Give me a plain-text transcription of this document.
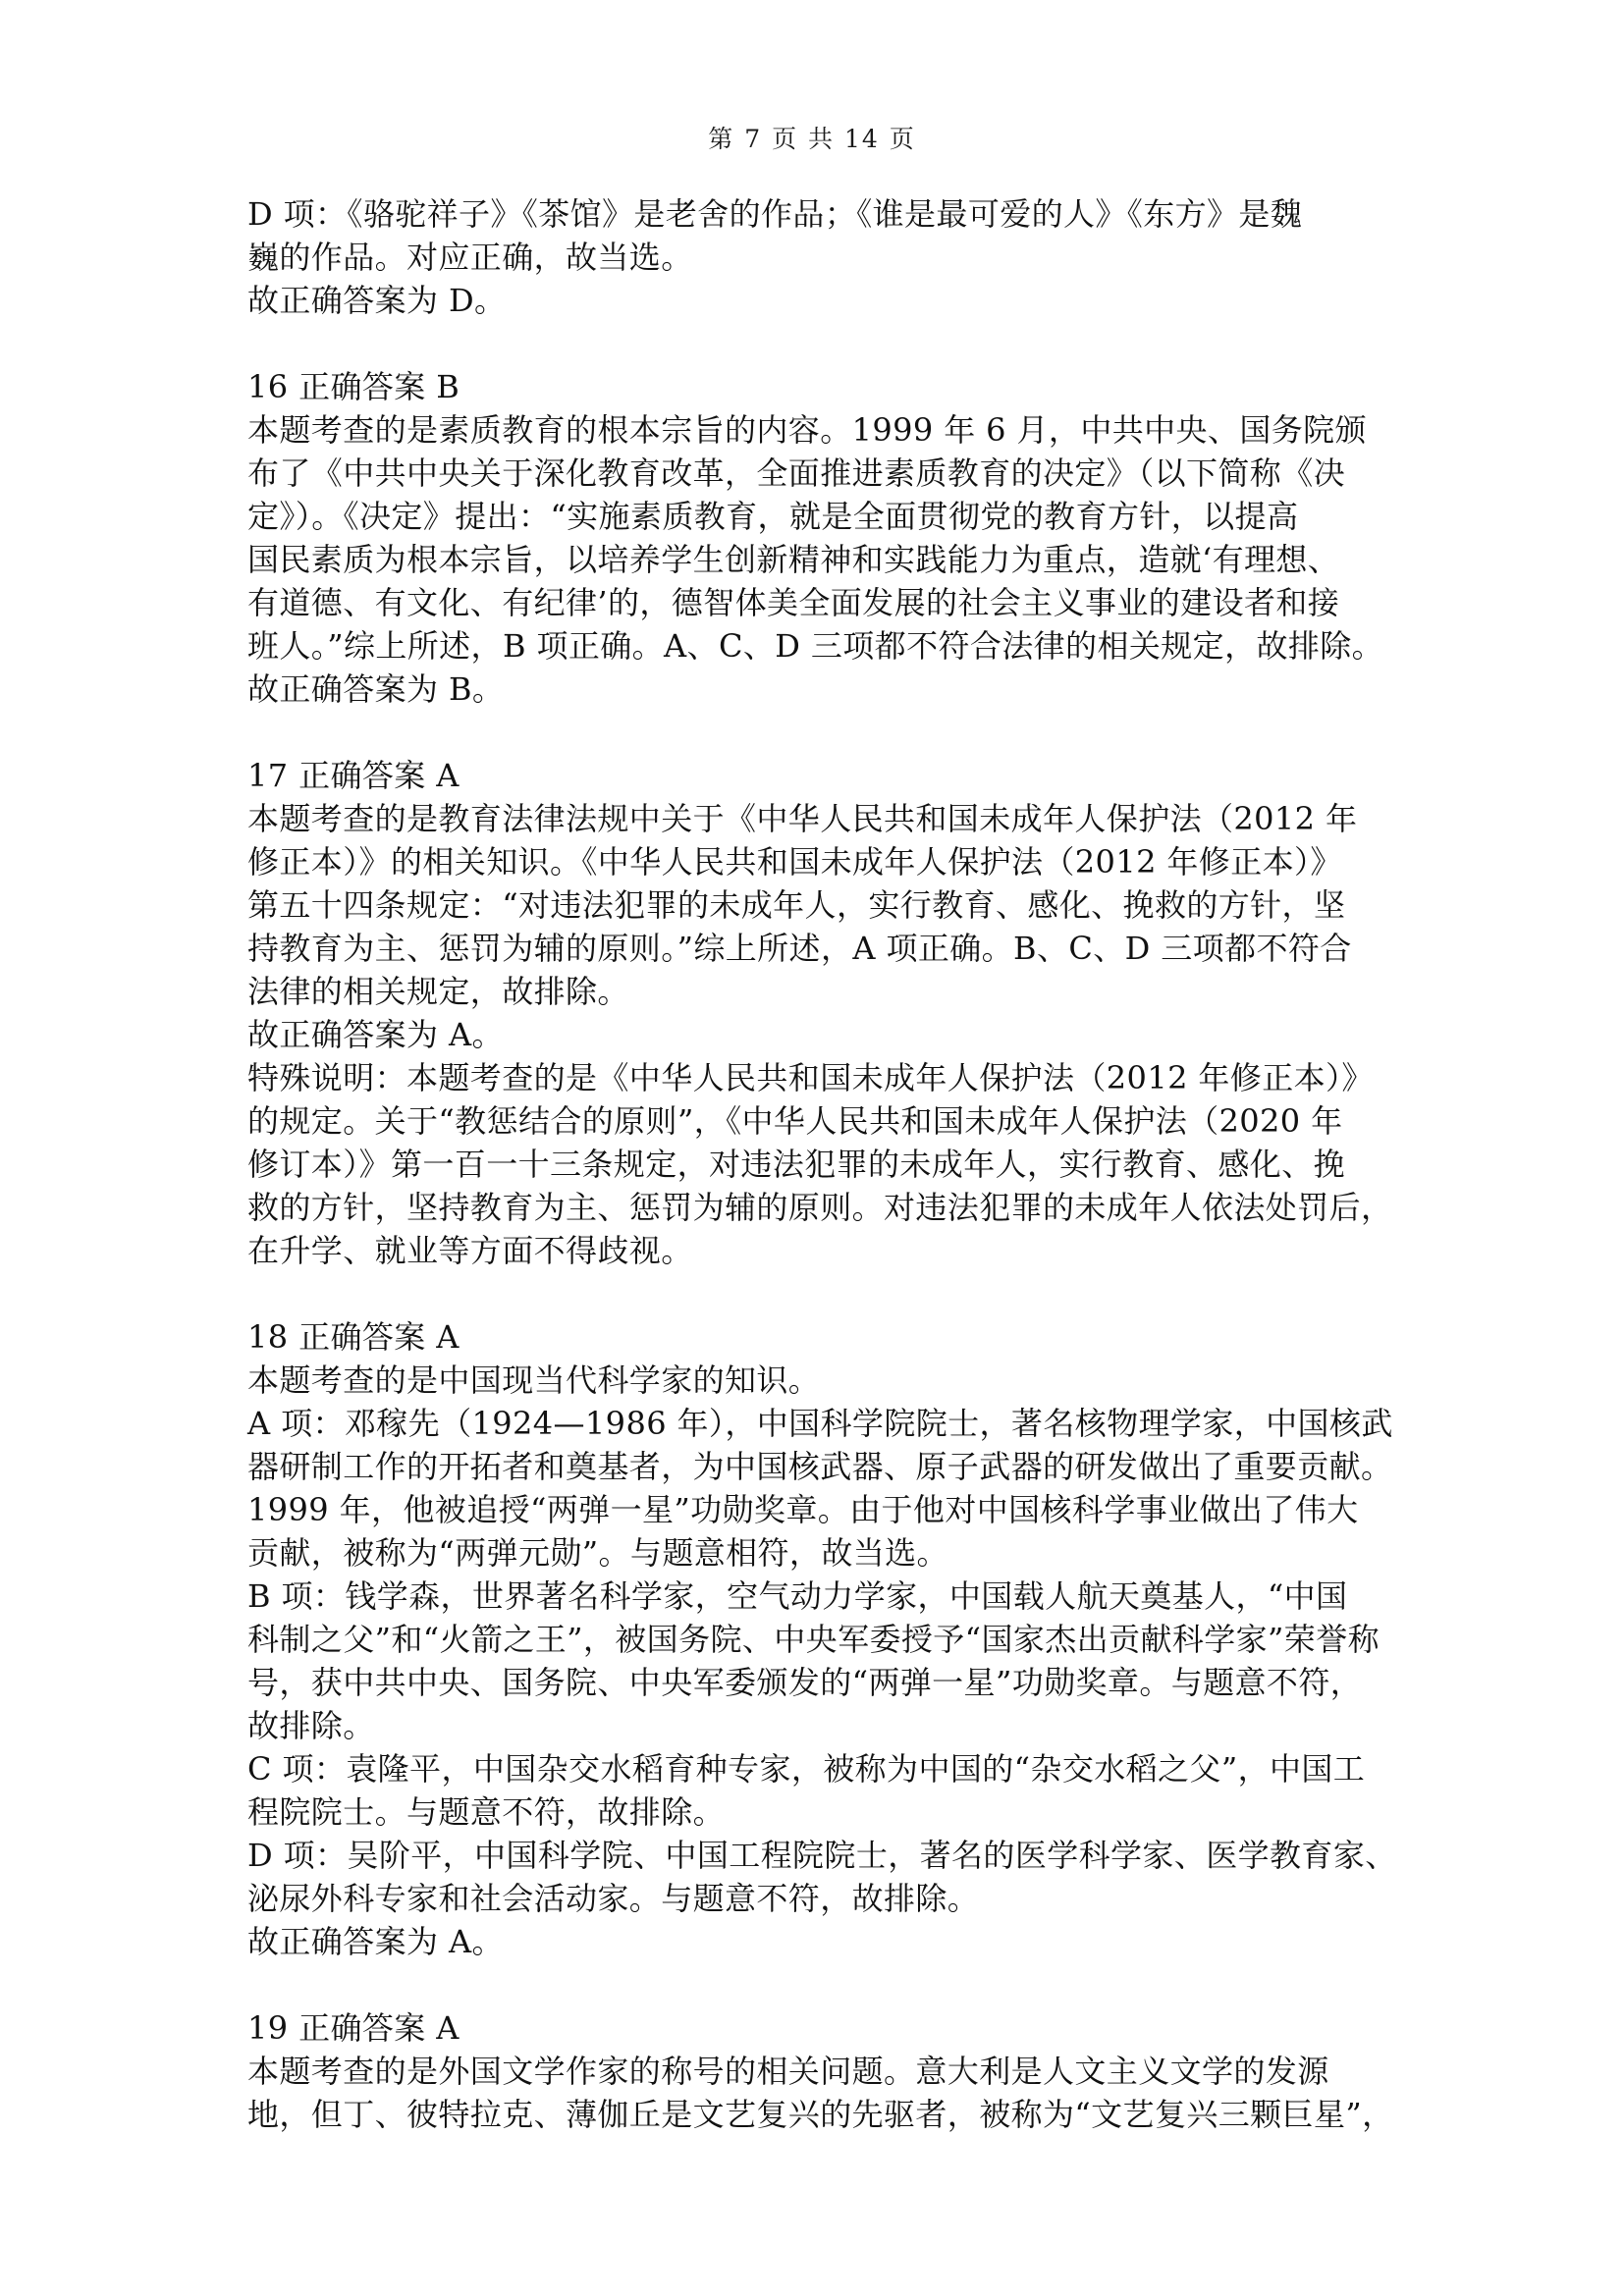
第 7 页 共 14 页
D 项：《骆驼祥子》《茶馆》是老舍的作品；《谁是最可爱的人》《东方》是魏
巍的作品。对应正确，故当选。
故正确答案为 D。
16 正确答案 B
本题考查的是素质教育的根本宗旨的内容。1999 年 6 月，中共中央、国务院颁
布了《中共中央关于深化教育改革，全面推进素质教育的决定》（以下简称《决
定》）。《决定》提出：“实施素质教育，就是全面贯彻党的教育方针，以提高
国民素质为根本宗旨，以培养学生创新精神和实践能力为重点，造就‘有理想、
有道德、有文化、有纪律’的，德智体美全面发展的社会主义事业的建设者和接
班人。”综上所述，B 项正确。A、C、D 三项都不符合法律的相关规定，故排除。
故正确答案为 B。
17 正确答案 A
本题考查的是教育法律法规中关于《中华人民共和国未成年人保护法（2012 年
修正本）》的相关知识。《中华人民共和国未成年人保护法（2012 年修正本）》
第五十四条规定：“对违法犯罪的未成年人，实行教育、感化、挽救的方针，坚
持教育为主、惩罚为辅的原则。”综上所述，A 项正确。B、C、D 三项都不符合
法律的相关规定，故排除。
故正确答案为 A。
特殊说明：本题考查的是《中华人民共和国未成年人保护法（2012 年修正本）》
的规定。关于“教惩结合的原则”，《中华人民共和国未成年人保护法（2020 年
修订本）》第一百一十三条规定，对违法犯罪的未成年人，实行教育、感化、挽
救的方针，坚持教育为主、惩罚为辅的原则。对违法犯罪的未成年人依法处罚后，
在升学、就业等方面不得歧视。
18 正确答案 A
本题考查的是中国现当代科学家的知识。
A 项：邓稼先（1924—1986 年），中国科学院院士，著名核物理学家，中国核武
器研制工作的开拓者和奠基者，为中国核武器、原子武器的研发做出了重要贡献。
1999 年，他被追授“两弹一星”功勋奖章。由于他对中国核科学事业做出了伟大
贡献，被称为“两弹元勋”。与题意相符，故当选。
B 项：钱学森，世界著名科学家，空气动力学家，中国载人航天奠基人，“中国
科制之父”和“火箭之王”，被国务院、中央军委授予“国家杰出贡献科学家”荣誉称
号，获中共中央、国务院、中央军委颁发的“两弹一星”功勋奖章。与题意不符，
故排除。
C 项：袁隆平，中国杂交水稻育种专家，被称为中国的“杂交水稻之父”，中国工
程院院士。与题意不符，故排除。
D 项：吴阶平，中国科学院、中国工程院院士，著名的医学科学家、医学教育家、
泌尿外科专家和社会活动家。与题意不符，故排除。
故正确答案为 A。
19 正确答案 A
本题考查的是外国文学作家的称号的相关问题。意大利是人文主义文学的发源
地，但丁、彼特拉克、薄伽丘是文艺复兴的先驱者，被称为“文艺复兴三颗巨星”，
